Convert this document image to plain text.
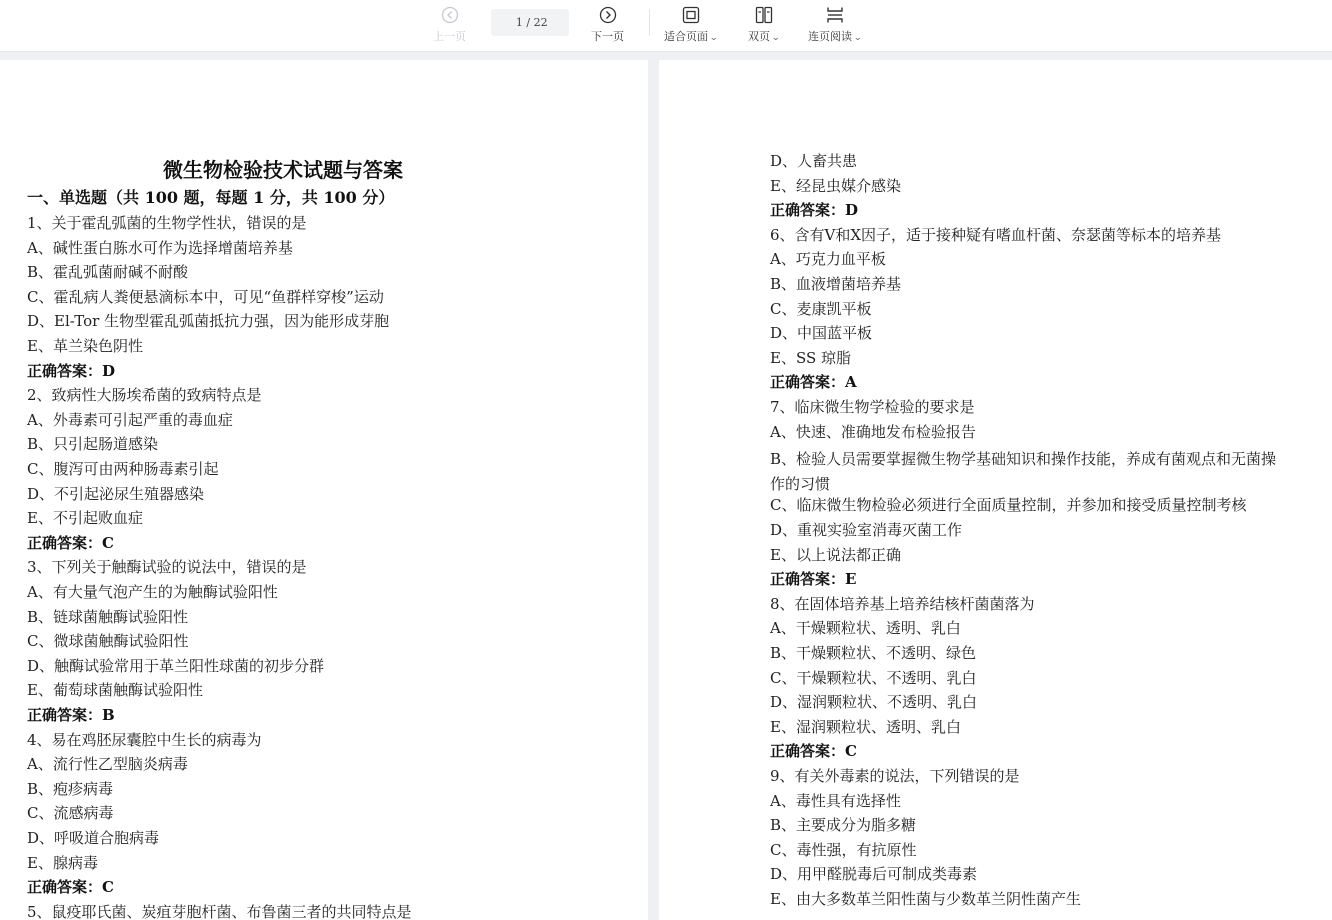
上一页
1
/ 22
下一页	适合页面⌄	双页⌄	连页阅读⌄
微生物检验技术试题与答案
一、单选题（共 100 题，每题 1 分，共 100 分）
1、关于霍乱弧菌的生物学性状，错误的是
A、碱性蛋白胨水可作为选择增菌培养基
B、霍乱弧菌耐碱不耐酸
C、霍乱病人粪便悬滴标本中，可见“鱼群样穿梭”运动
D、El-Tor 生物型霍乱弧菌抵抗力强，因为能形成芽胞
E、革兰染色阴性
正确答案：D
2、致病性大肠埃希菌的致病特点是
A、外毒素可引起严重的毒血症
B、只引起肠道感染
C、腹泻可由两种肠毒素引起
D、不引起泌尿生殖器感染
E、不引起败血症
正确答案：C
3、下列关于触酶试验的说法中，错误的是
A、有大量气泡产生的为触酶试验阳性
B、链球菌触酶试验阳性
C、微球菌触酶试验阳性
D、触酶试验常用于革兰阳性球菌的初步分群
E、葡萄球菌触酶试验阳性
正确答案：B
4、易在鸡胚尿囊腔中生长的病毒为
A、流行性乙型脑炎病毒
B、疱疹病毒
C、流感病毒
D、呼吸道合胞病毒
E、腺病毒
正确答案：C
5、鼠疫耶氏菌、炭疽芽胞杆菌、布鲁菌三者的共同特点是
D、人畜共患
E、经昆虫媒介感染
正确答案：D
6、含有Ⅴ和Ⅹ因子，适于接种疑有嗜血杆菌、奈瑟菌等标本的培养基
A、巧克力血平板
B、血液增菌培养基
C、麦康凯平板
D、中国蓝平板
E、SS 琼脂
正确答案：A
7、临床微生物学检验的要求是
A、快速、准确地发布检验报告
B、检验人员需要掌握微生物学基础知识和操作技能，养成有菌观点和无菌操作的习惯
C、临床微生物检验必须进行全面质量控制，并参加和接受质量控制考核
D、重视实验室消毒灭菌工作
E、以上说法都正确
正确答案：E
8、在固体培养基上培养结核杆菌菌落为
A、干燥颗粒状、透明、乳白
B、干燥颗粒状、不透明、绿色
C、干燥颗粒状、不透明、乳白
D、湿润颗粒状、不透明、乳白
E、湿润颗粒状、透明、乳白
正确答案：C
9、有关外毒素的说法，下列错误的是
A、毒性具有选择性
B、主要成分为脂多糖
C、毒性强，有抗原性
D、用甲醛脱毒后可制成类毒素
E、由大多数革兰阳性菌与少数革兰阴性菌产生
